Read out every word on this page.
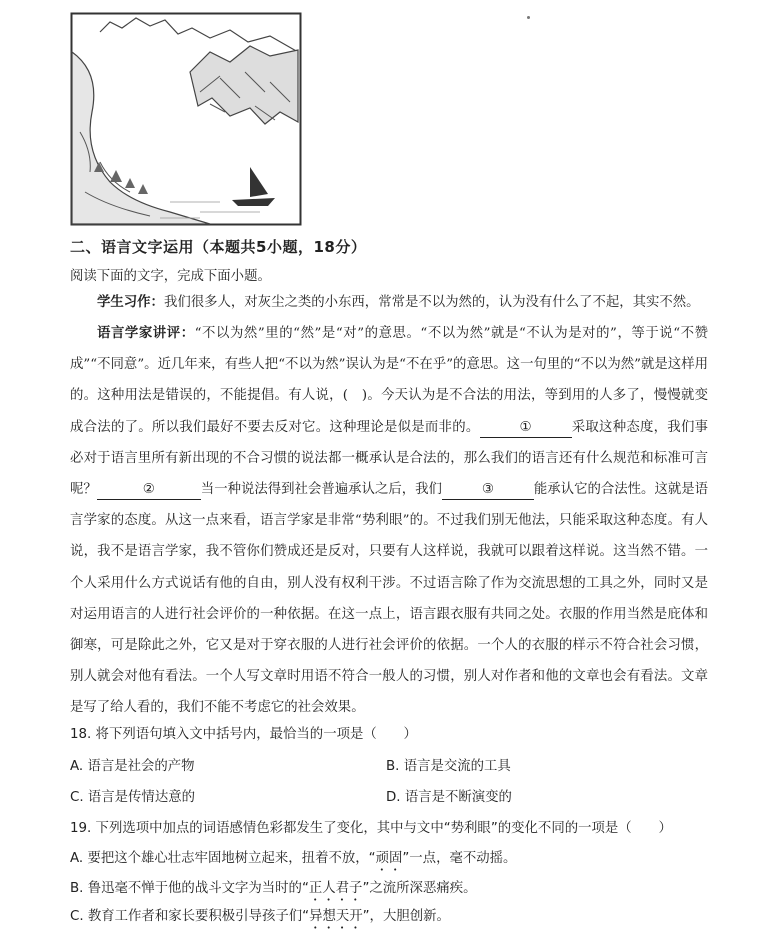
二、语言文字运用（本题共5小题，18分）
阅读下面的文字，完成下面小题。
学生习作：我们很多人，对灰尘之类的小东西，常常是不以为然的，认为没有什么了不起，其实不然。
语言学家讲评：“不以为然”里的“然”是“对”的意思。“不以为然”就是“不认为是对的”，等于说“不赞成”“不同意”。近几年来，有些人把“不以为然”误认为是“不在乎”的意思。这一句里的“不以为然”就是这样用的。这种用法是错误的，不能提倡。有人说，(　)。今天认为是不合法的用法，等到用的人多了，慢慢就变成合法的了。所以我们最好不要去反对它。这种理论是似是而非的。	①	采取这种态度，我们事必对于语言里所有新出现的不合习惯的说法都一概承认是合法的，那么我们的语言还有什么规范和标准可言呢？	②	当一种说法得到社会普遍承认之后，我们	③	能承认它的合法性。这就是语言学家的态度。从这一点来看，语言学家是非常“势利眼”的。不过我们别无他法，只能采取这种态度。有人说，我不是语言学家，我不管你们赞成还是反对，只要有人这样说，我就可以跟着这样说。这当然不错。一个人采用什么方式说话有他的自由，别人没有权利干涉。不过语言除了作为交流思想的工具之外，同时又是对运用语言的人进行社会评价的一种依据。在这一点上，语言跟衣服有共同之处。衣服的作用当然是庇体和御寒，可是除此之外，它又是对于穿衣服的人进行社会评价的依据。一个人的衣服的样示不符合社会习惯，别人就会对他有看法。一个人写文章时用语不符合一般人的习惯，别人对作者和他的文章也会有看法。文章是写了给人看的，我们不能不考虑它的社会效果。
18. 将下列语句填入文中括号内，最恰当的一项是（　　）
A. 语言是社会的产物	B. 语言是交流的工具
C. 语言是传情达意的	D. 语言是不断演变的
19. 下列选项中加点的词语感情色彩都发生了变化，其中与文中“势利眼”的变化不同的一项是（　　）
A. 要把这个雄心壮志牢固地树立起来，扭着不放，“顽固”一点，毫不动摇。
B. 鲁迅毫不惮于他的战斗文字为当时的“正人君子”之流所深恶痛疾。
C. 教育工作者和家长要积极引导孩子们“异想天开”，大胆创新。
